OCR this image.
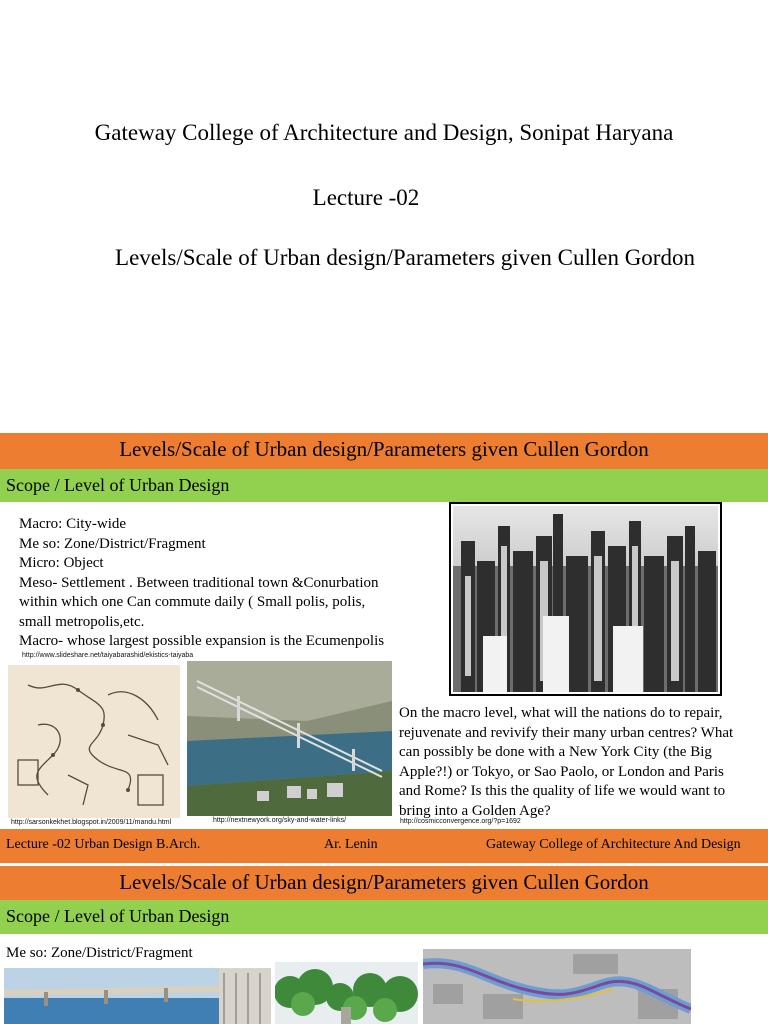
Gateway College of Architecture and Design, Sonipat Haryana
Lecture -02
Levels/Scale of Urban design/Parameters given Cullen Gordon
Levels/Scale of Urban design/Parameters given Cullen Gordon
Scope / Level of Urban Design
Macro: City-wide
Me so: Zone/District/Fragment
Micro: Object
Meso- Settlement . Between traditional town &Conurbation
within which one Can commute daily ( Small polis, polis,
small metropolis,etc.
Macro- whose largest possible expansion is the Ecumenpolis
http://www.slideshare.net/taiyabarashid/ekistics-taiyaba
http://sarsonkekhet.blogspot.in/2009/11/mandu.html	http://nextnewyork.org/sky-and-water-links/
On the macro level, what will the nations do to repair,
rejuvenate and revivify their many urban centres? What
can possibly be done with a New York City (the Big
Apple?!) or Tokyo, or Sao Paolo, or London and Paris
and Rome? Is this the quality of life we would want to
bring into a Golden Age?
http://cosmicconvergence.org/?p=1692
Lecture -02 Urban Design B.Arch.	Ar. Lenin	Gateway College of Architecture And Design
Levels/Scale of Urban design/Parameters given Cullen Gordon
Scope / Level of Urban Design
Me so: Zone/District/Fragment
